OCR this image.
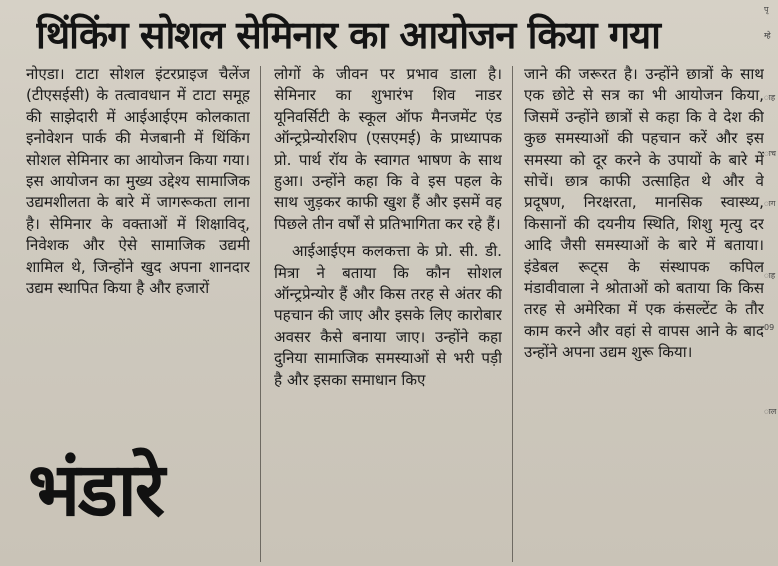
थिंकिंग सोशल सेमिनार का आयोजन किया गया

नोएडा। टाटा सोशल इंटरप्राइज चैलेंज (टीएसईसी) के तत्वावधान में टाटा समूह की साझेदारी में आईआईएम कोलकाता इनोवेशन पार्क की मेजबानी में थिंकिंग सोशल सेमिनार का आयोजन किया गया। इस आयोजन का मुख्य उद्देश्य सामाजिक उद्यमशीलता के बारे में जागरूकता लाना है। सेमिनार के वक्ताओं में शिक्षाविद्, निवेशक और ऐसे सामाजिक उद्यमी शामिल थे, जिन्होंने खुद अपना शानदार उद्यम स्थापित किया है और हजारों

लोगों के जीवन पर प्रभाव डाला है। सेमिनार का शुभारंभ शिव नाडर यूनिवर्सिटी के स्कूल ऑफ मैनजमेंट एंड ऑन्ट्रप्रेन्योरशिप (एसएमई) के प्राध्यापक प्रो. पार्थ रॉय के स्वागत भाषण के साथ हुआ। उन्होंने कहा कि वे इस पहल के साथ जुड़कर काफी खुश हैं और इसमें वह पिछले तीन वर्षों से प्रतिभागिता कर रहे हैं।

आईआईएम कलकत्ता के प्रो. सी. डी. मित्रा ने बताया कि कौन सोशल ऑन्ट्रप्रेन्योर हैं और किस तरह से अंतर की पहचान की जाए और इसके लिए कारोबार अवसर कैसे बनाया जाए। उन्होंने कहा दुनिया सामाजिक समस्याओं से भरी पड़ी है और इसका समाधान किए

जाने की जरूरत है। उन्होंने छात्रों के साथ एक छोटे से सत्र का भी आयोजन किया, जिसमें उन्होंने छात्रों से कहा कि वे देश की कुछ समस्याओं की पहचान करें और इस समस्या को दूर करने के उपायों के बारे में सोचें। छात्र काफी उत्साहित थे और वे प्रदूषण, निरक्षरता, मानसिक स्वास्थ्य, किसानों की दयनीय स्थिति, शिशु मृत्यु दर आदि जैसी समस्याओं के बारे में बताया। इंडेबल रूट्स के संस्थापक कपिल मंडावीवाला ने श्रोताओं को बताया कि किस तरह से अमेरिका में एक कंसल्टेंट के तौर काम करने और वहां से वापस आने के बाद उन्होंने अपना उद्यम शुरू किया।

भंडारे
पृ
म्हे
ाह
ाच
ाग
ाह
09
ाल
